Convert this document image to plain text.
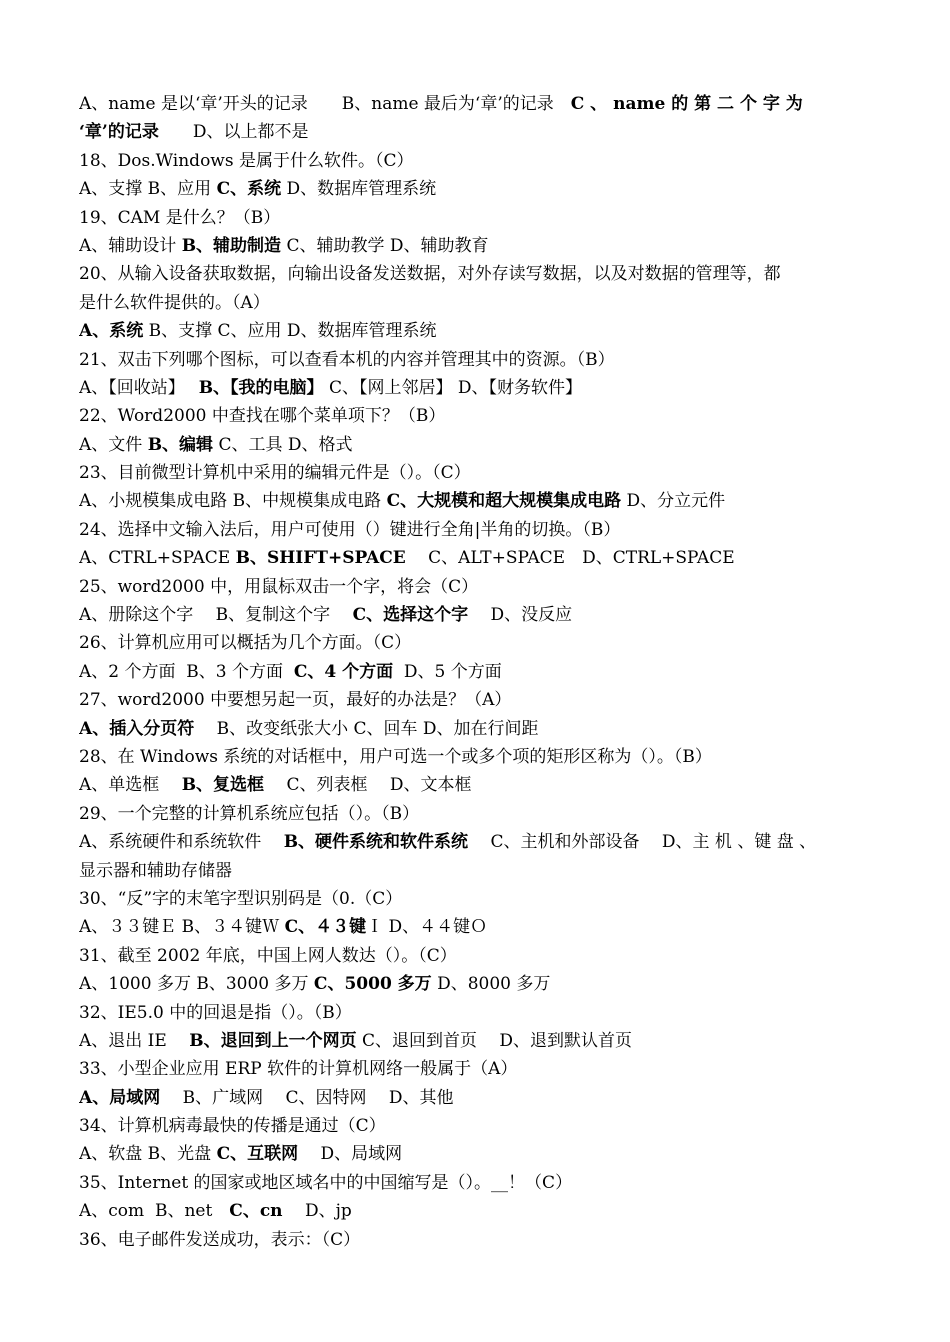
A、name 是以‘章’开头的记录　　B、name 最后为‘章’的记录　C 、 name 的 第 二 个 字 为
‘章’的记录　　D、以上都不是
18、Dos.Windows 是属于什么软件。（C）
A、支撑 B、应用 C、系统 D、数据库管理系统
19、CAM 是什么？（B）
A、辅助设计 B、辅助制造 C、辅助教学 D、辅助教育
20、从输入设备获取数据，向输出设备发送数据，对外存读写数据，以及对数据的管理等，都
是什么软件提供的。（A）
A、系统 B、支撑 C、应用 D、数据库管理系统
21、双击下列哪个图标，可以查看本机的内容并管理其中的资源。（B）
A、【回收站】　 B、【我的电脑】 C、【网上邻居】 D、【财务软件】
22、Word2000 中查找在哪个菜单项下？（B）
A、文件 B、编辑 C、工具 D、格式
23、目前微型计算机中采用的编辑元件是（）。（C）
A、小规模集成电路 B、中规模集成电路 C、大规模和超大规模集成电路 D、分立元件
24、选择中文输入法后，用户可使用（）键进行全角|半角的切换。（B）
A、CTRL+SPACE B、SHIFT+SPACE　 C、ALT+SPACE　D、CTRL+SPACE
25、word2000 中，用鼠标双击一个字，将会（C）
A、册除这个字　 B、复制这个字　 C、选择这个字　 D、没反应
26、计算机应用可以概括为几个方面。（C）
A、2 个方面  B、3 个方面  C、4 个方面  D、5 个方面
27、word2000 中要想另起一页，最好的办法是？（A）
A、插入分页符　 B、改变纸张大小 C、回车 D、加在行间距
28、在 Windows 系统的对话框中，用户可选一个或多个项的矩形区称为（）。（B）
A、单选框　 B、复选框　 C、列表框　 D、文本框
29、一个完整的计算机系统应包括（）。（B）
A、系统硬件和系统软件　 B、硬件系统和软件系统　 C、主机和外部设备　 D、主 机 、键 盘 、
显示器和辅助存储器
30、“反”字的末笔字型识别码是（0.（C）
A、３３键Ｅ B、３４键Ｗ C、４３键Ｉ D、４４键Ｏ
31、截至 2002 年底，中国上网人数达（）。（C）
A、1000 多万 B、3000 多万 C、5000 多万 D、8000 多万
32、IE5.0 中的回退是指（）。（B）
A、退出 IE　 B、退回到上一个网页 C、退回到首页　 D、退到默认首页
33、小型企业应用 ERP 软件的计算机网络一般属于（A）
A、局域网　 B、广域网　 C、因特网　 D、其他
34、计算机病毒最快的传播是通过（C）
A、软盘 B、光盘 C、互联网　 D、局域网
35、Internet 的国家或地区域名中的中国缩写是（）。__！（C）
A、com  B、net　C、cn　 D、jp
36、电子邮件发送成功，表示：（C）
